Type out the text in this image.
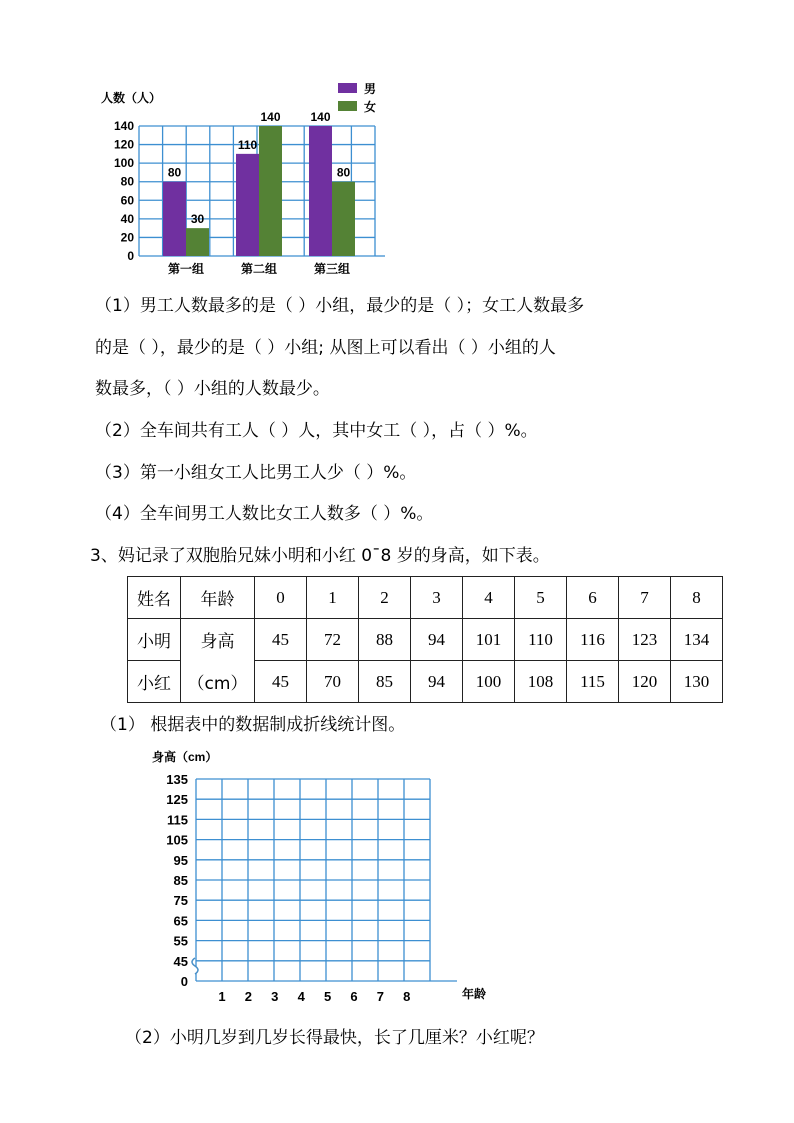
人数（人）
0
20
40
60
80
100
120
140
80
30
110
140 140
80
第一组	第二组	第三组
男
女
（1）男工人数最多的是（ ）小组，最少的是（ ）；女工人数最多
的是（ ），最少的是（ ）小组; 从图上可以看出（ ）小组的人
数最多，（ ）小组的人数最少。
（2）全车间共有工人（ ）人，其中女工（ ），占（ ）%。
（3）第一小组女工人比男工人少（ ）%。
（4）全车间男工人数比女工人数多（ ）%。
3、妈记录了双胞胎兄妹小明和小红 0¯8 岁的身高，如下表。
姓名	年龄	0	1	2	3	4	5	6	7	8
小明	身高	45	72	88	94	101	110	116	123	134
小红	（cm）	45	70	85	94	100	108	115	120	130
（1） 根据表中的数据制成折线统计图。
身高（cm）
0
45
55
65
75
85
95
105
115
125
135
1 2 3 4 5 6 7 8	年龄
（2）小明几岁到几岁长得最快，长了几厘米？小红呢？
